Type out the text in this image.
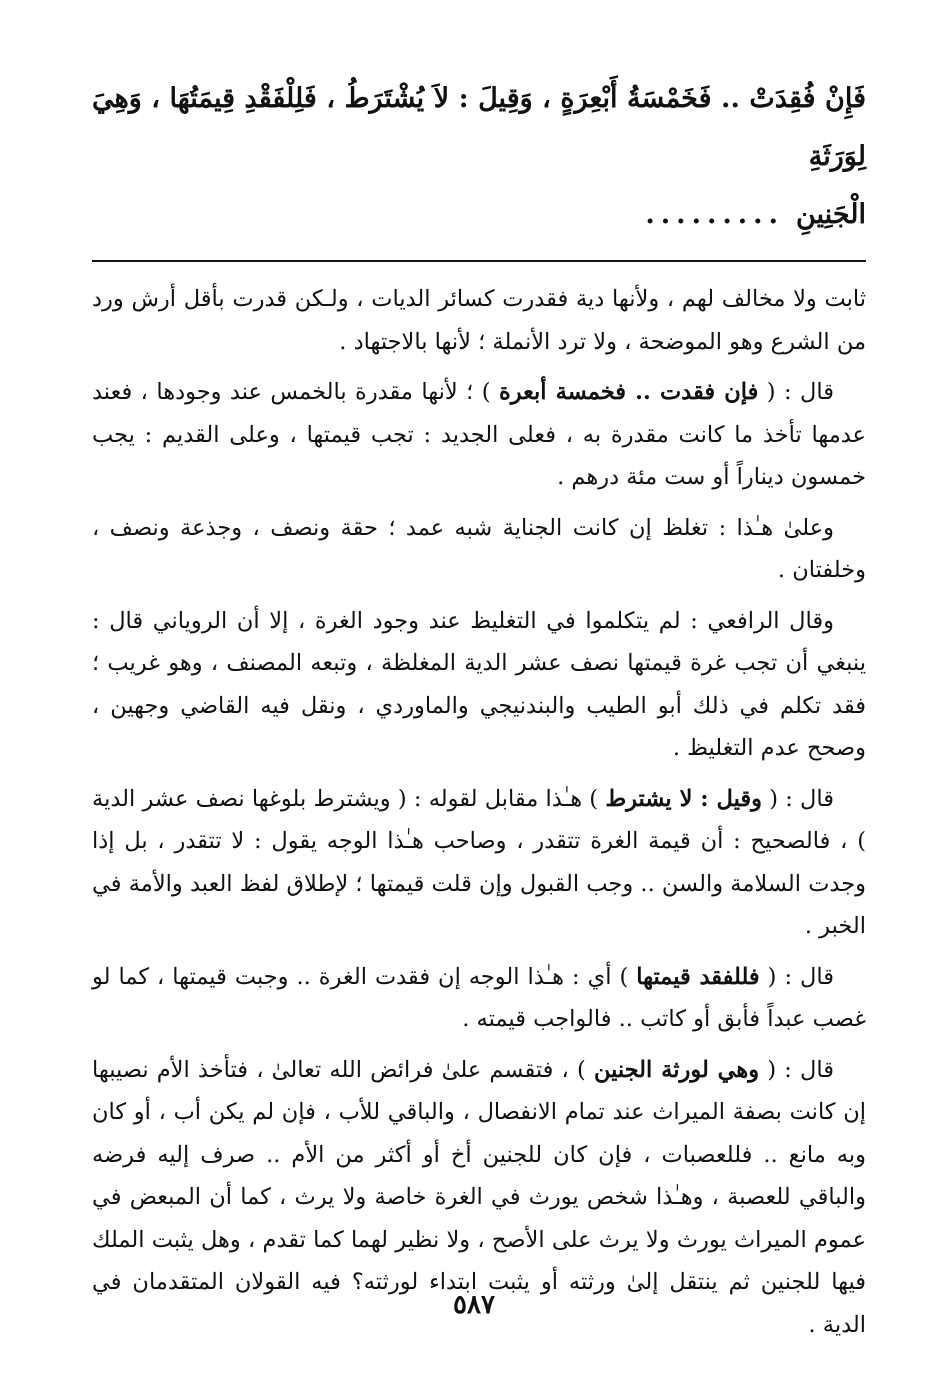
فَإِنْ فُقِدَتْ .. فَخَمْسَةُ أَبْعِرَةٍ ، وَقِيلَ : لاَ يُشْتَرَطُ ، فَلِلْفَقْدِ قِيمَتُهَا ، وَهِيَ لِوَرَثَةِ
الْجَنِينِ.........

ثابت ولا مخالف لهم ، ولأنها دية فقدرت كسائر الديات ، ولـكن قدرت بأقل أرش ورد من الشرع وهو الموضحة ، ولا ترد الأنملة ؛ لأنها بالاجتهاد .

قال : ( فإن فقدت .. فخمسة أبعرة ) ؛ لأنها مقدرة بالخمس عند وجودها ، فعند عدمها تأخذ ما كانت مقدرة به ، فعلى الجديد : تجب قيمتها ، وعلى القديم : يجب خمسون ديناراً أو ست مئة درهم .

وعلىٰ هـٰذا : تغلظ إن كانت الجناية شبه عمد ؛ حقة ونصف ، وجذعة ونصف ، وخلفتان .

وقال الرافعي : لم يتكلموا في التغليظ عند وجود الغرة ، إلا أن الروياني قال : ينبغي أن تجب غرة قيمتها نصف عشر الدية المغلظة ، وتبعه المصنف ، وهو غريب ؛ فقد تكلم في ذلك أبو الطيب والبندنيجي والماوردي ، ونقل فيه القاضي وجهين ، وصحح عدم التغليظ .

قال : ( وقيل : لا يشترط ) هـٰذا مقابل لقوله : ( ويشترط بلوغها نصف عشر الدية ) ، فالصحيح : أن قيمة الغرة تتقدر ، وصاحب هـٰذا الوجه يقول : لا تتقدر ، بل إذا وجدت السلامة والسن .. وجب القبول وإن قلت قيمتها ؛ لإطلاق لفظ العبد والأمة في الخبر .

قال : ( فللفقد قيمتها ) أي : هـٰذا الوجه إن فقدت الغرة .. وجبت قيمتها ، كما لو غصب عبداً فأبق أو كاتب .. فالواجب قيمته .

قال : ( وهي لورثة الجنين ) ، فتقسم علىٰ فرائض الله تعالىٰ ، فتأخذ الأم نصيبها إن كانت بصفة الميراث عند تمام الانفصال ، والباقي للأب ، فإن لم يكن أب ، أو كان وبه مانع .. فللعصبات ، فإن كان للجنين أخ أو أكثر من الأم .. صرف إليه فرضه والباقي للعصبة ، وهـٰذا شخص يورث في الغرة خاصة ولا يرث ، كما أن المبعض في عموم الميراث يورث ولا يرث على الأصح ، ولا نظير لهما كما تقدم ، وهل يثبت الملك فيها للجنين ثم ينتقل إلىٰ ورثته أو يثبت ابتداء لورثته؟ فيه القولان المتقدمان في الدية .

٥٨٧
